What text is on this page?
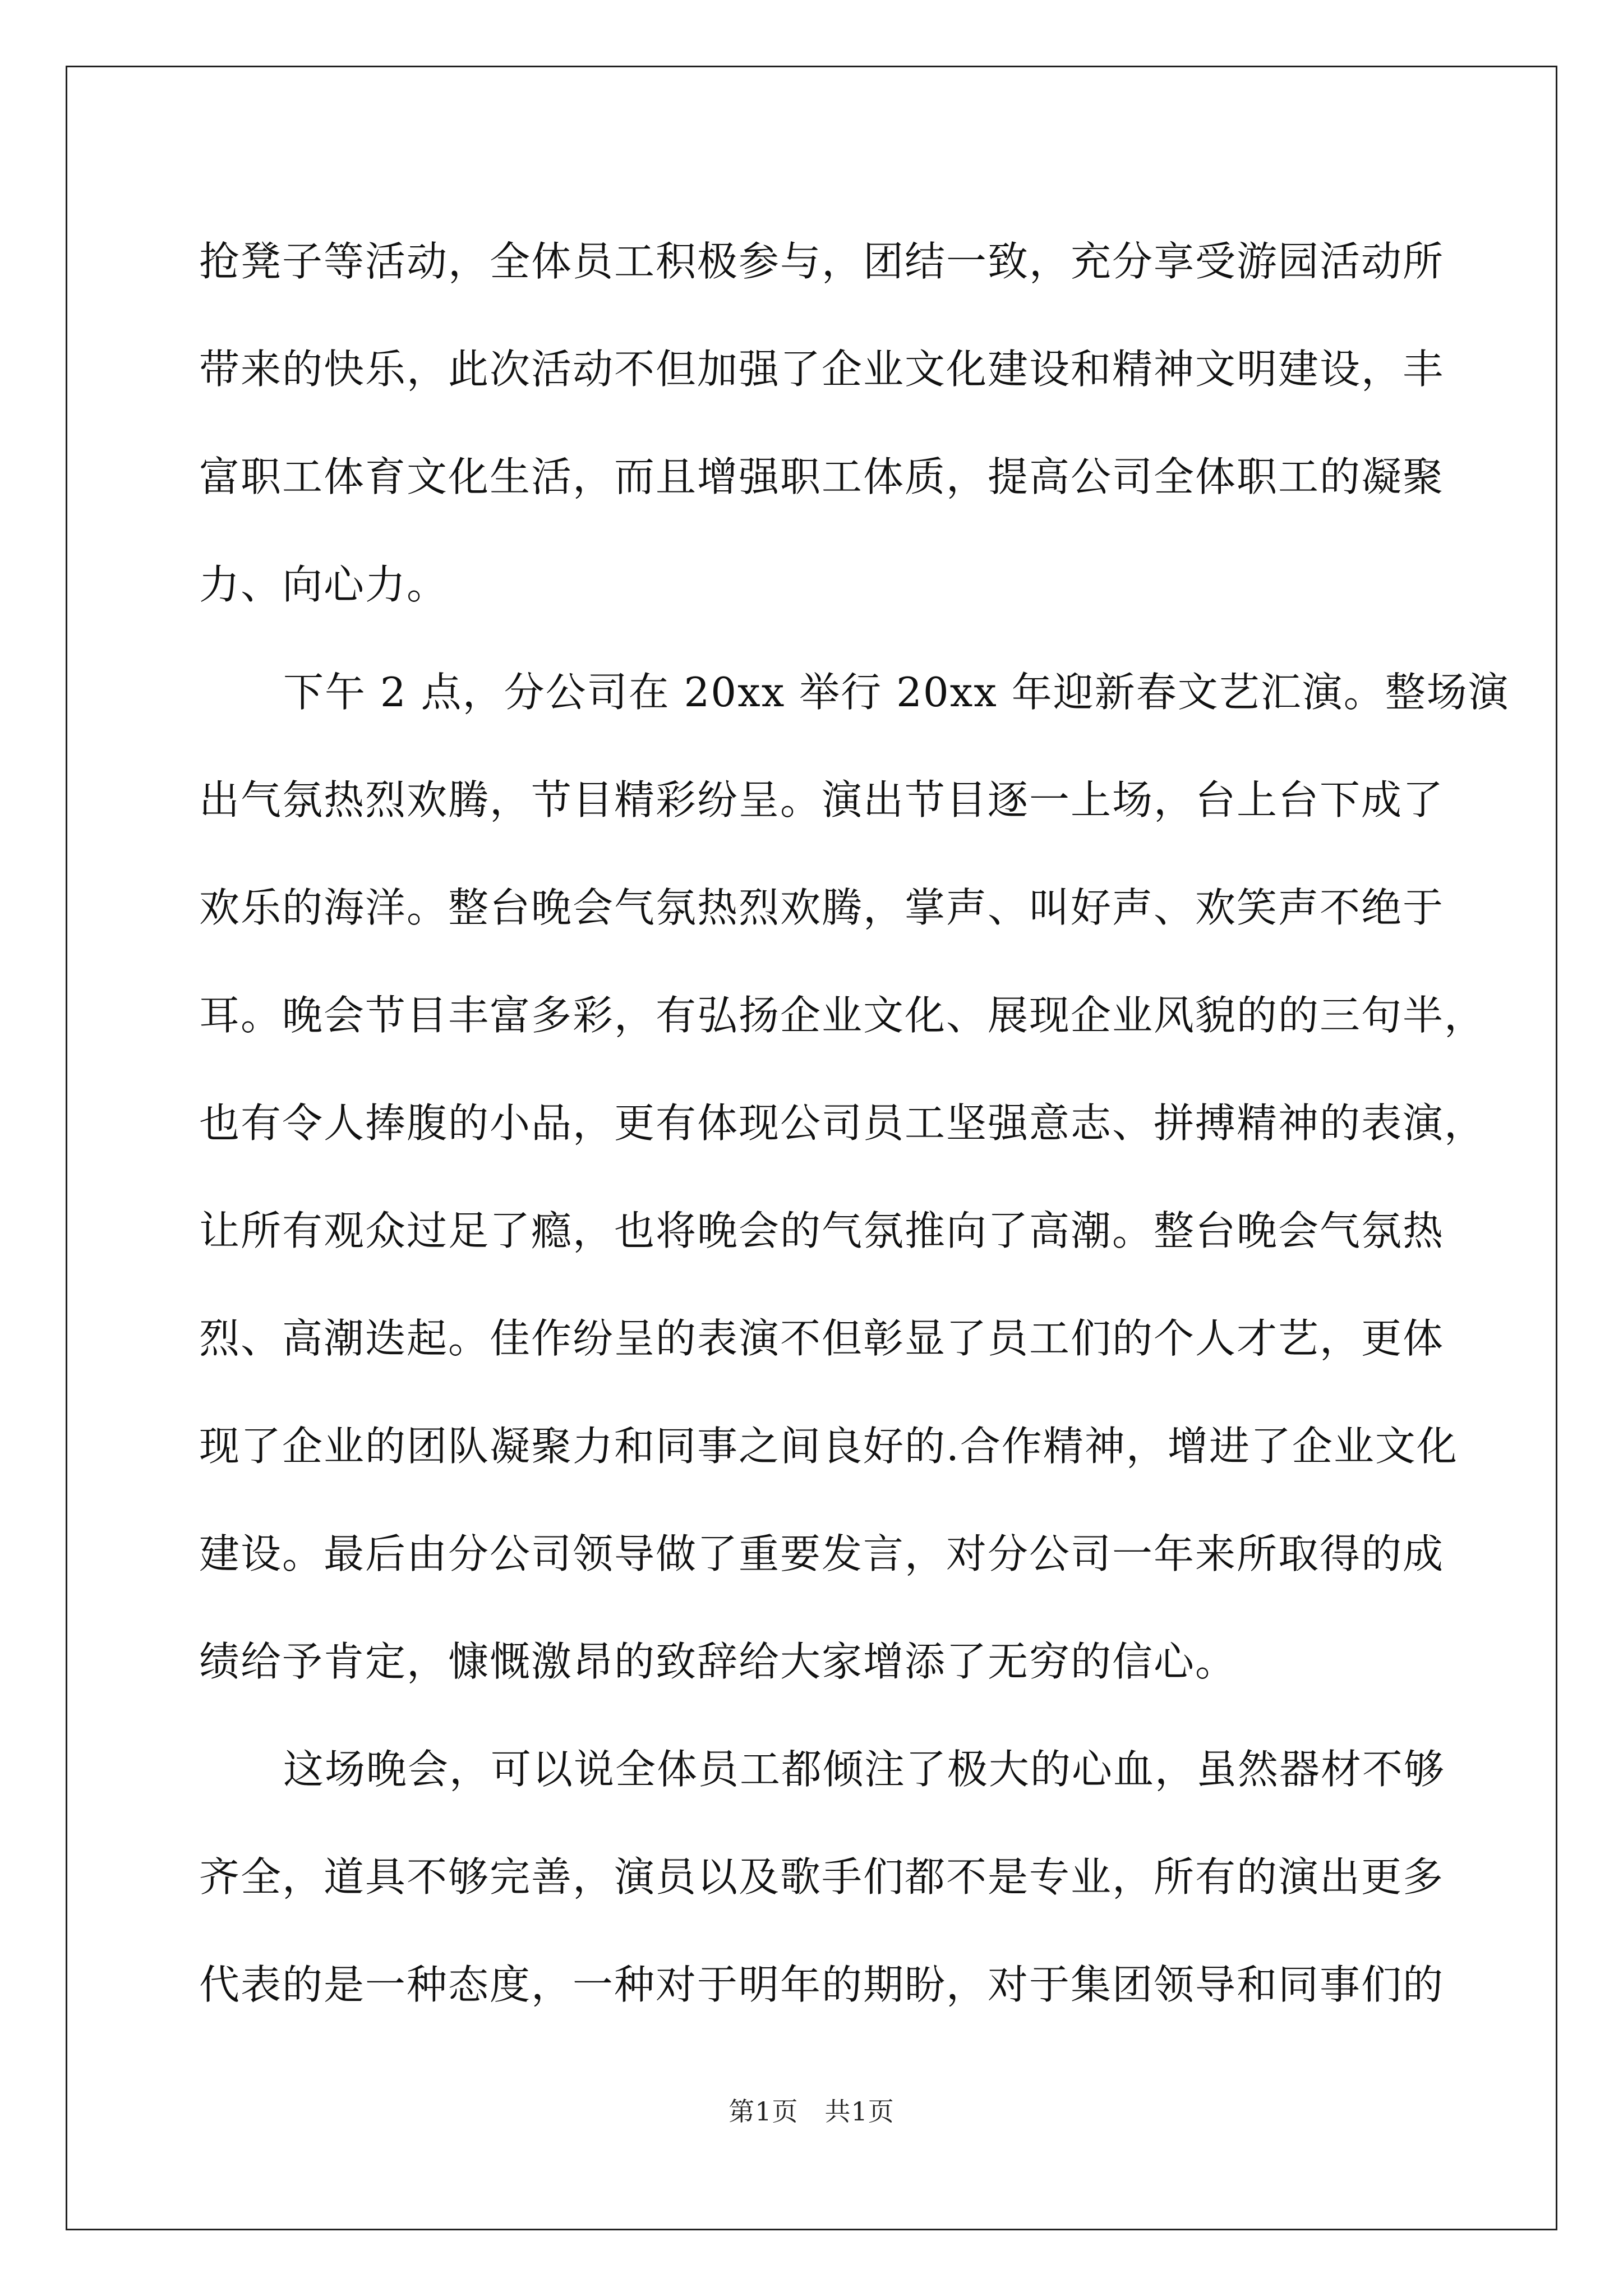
抢凳子等活动，全体员工积极参与，团结一致，充分享受游园活动所
带来的快乐，此次活动不但加强了企业文化建设和精神文明建设，丰
富职工体育文化生活，而且增强职工体质，提高公司全体职工的凝聚
力、向心力。

下午 2 点，分公司在 20xx 举行 20xx 年迎新春文艺汇演。整场演
出气氛热烈欢腾，节目精彩纷呈。演出节目逐一上场，台上台下成了
欢乐的海洋。整台晚会气氛热烈欢腾，掌声、叫好声、欢笑声不绝于
耳。晚会节目丰富多彩，有弘扬企业文化、展现企业风貌的的三句半，
也有令人捧腹的小品，更有体现公司员工坚强意志、拼搏精神的表演，
让所有观众过足了瘾，也将晚会的气氛推向了高潮。整台晚会气氛热
烈、高潮迭起。佳作纷呈的表演不但彰显了员工们的个人才艺，更体
现了企业的团队凝聚力和同事之间良好的.合作精神，增进了企业文化
建设。最后由分公司领导做了重要发言，对分公司一年来所取得的成
绩给予肯定，慷慨激昂的致辞给大家增添了无穷的信心。

这场晚会，可以说全体员工都倾注了极大的心血，虽然器材不够
齐全，道具不够完善，演员以及歌手们都不是专业，所有的演出更多
代表的是一种态度，一种对于明年的期盼，对于集团领导和同事们的

第1页　共1页
